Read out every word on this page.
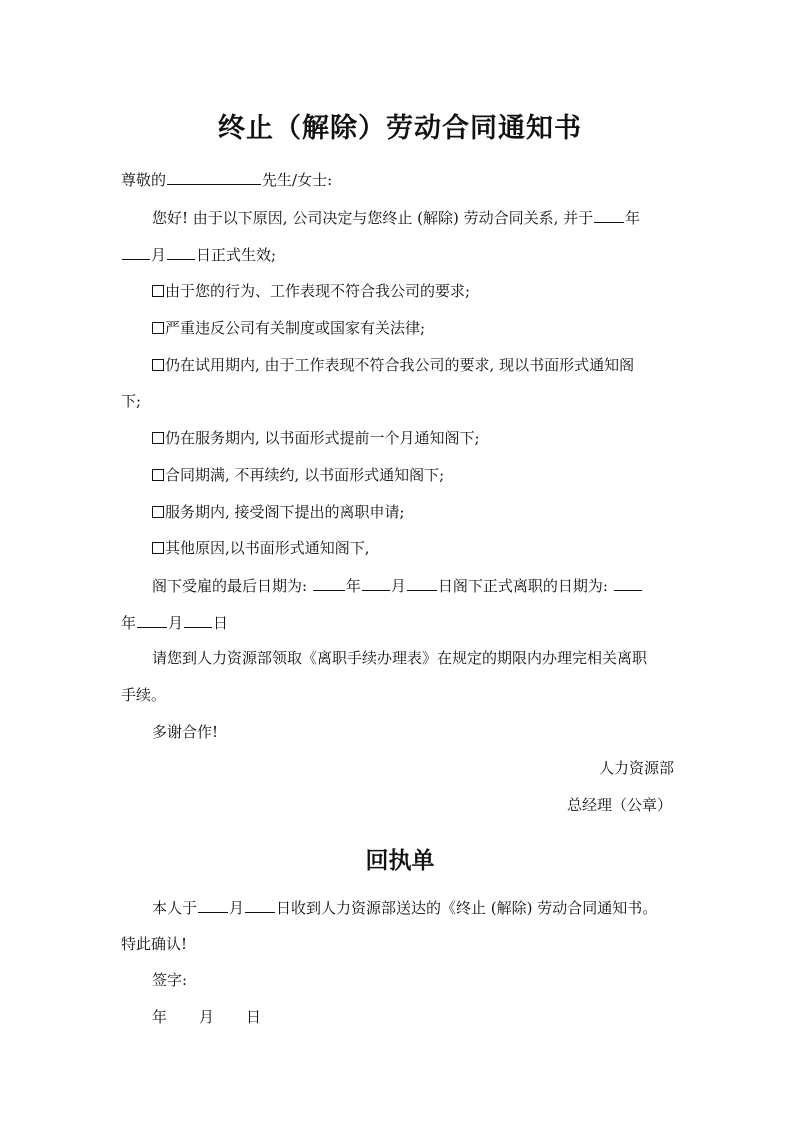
终止（解除）劳动合同通知书
尊敬的	先生/女士:
您好! 由于以下原因, 公司决定与您终止 (解除) 劳动合同关系, 并于 年
月 日正式生效;
由于您的行为、工作表现不符合我公司的要求;
严重违反公司有关制度或国家有关法律;
仍在试用期内, 由于工作表现不符合我公司的要求, 现以书面形式通知阁
下;
仍在服务期内, 以书面形式提前一个月通知阁下;
合同期满, 不再续约, 以书面形式通知阁下;
服务期内, 接受阁下提出的离职申请;
其他原因,以书面形式通知阁下,
阁下受雇的最后日期为:	年 月 日阁下正式离职的日期为:
年 月 日
请您到人力资源部领取《离职手续办理表》在规定的期限内办理完相关离职
手续。
多谢合作!
人力资源部
总经理（公章）
回执单
本人于 月 日收到人力资源部送达的《终止 (解除) 劳动合同通知书。
特此确认!
签字:
年 月 日
